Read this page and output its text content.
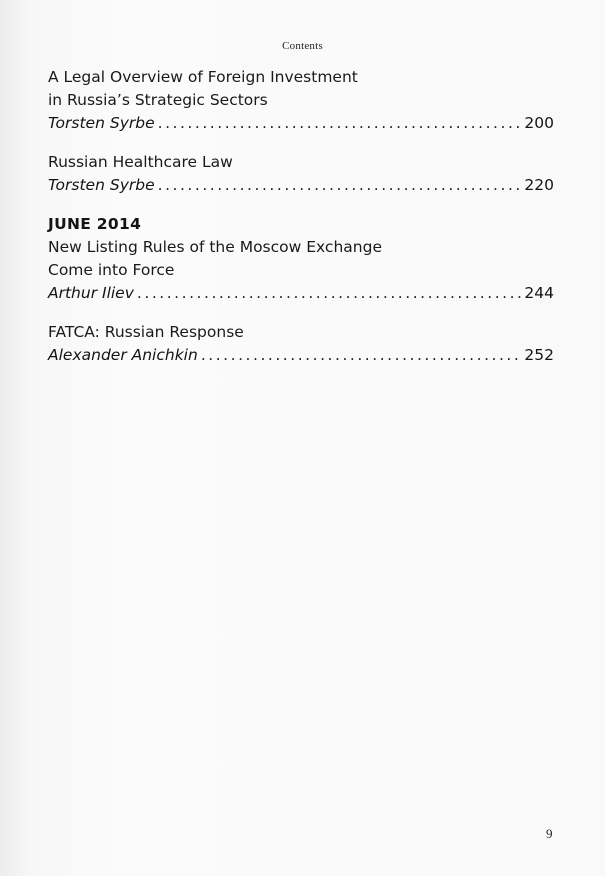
Contents
A Legal Overview of Foreign Investment
in Russia’s Strategic Sectors
Torsten Syrbe . . .	200
Russian Healthcare Law
Torsten Syrbe . . .	220
JUNE 2014
New Listing Rules of the Moscow Exchange
Come into Force
Arthur Iliev . . .	244
FATCA: Russian Response
Alexander Anichkin . . .	252
9
